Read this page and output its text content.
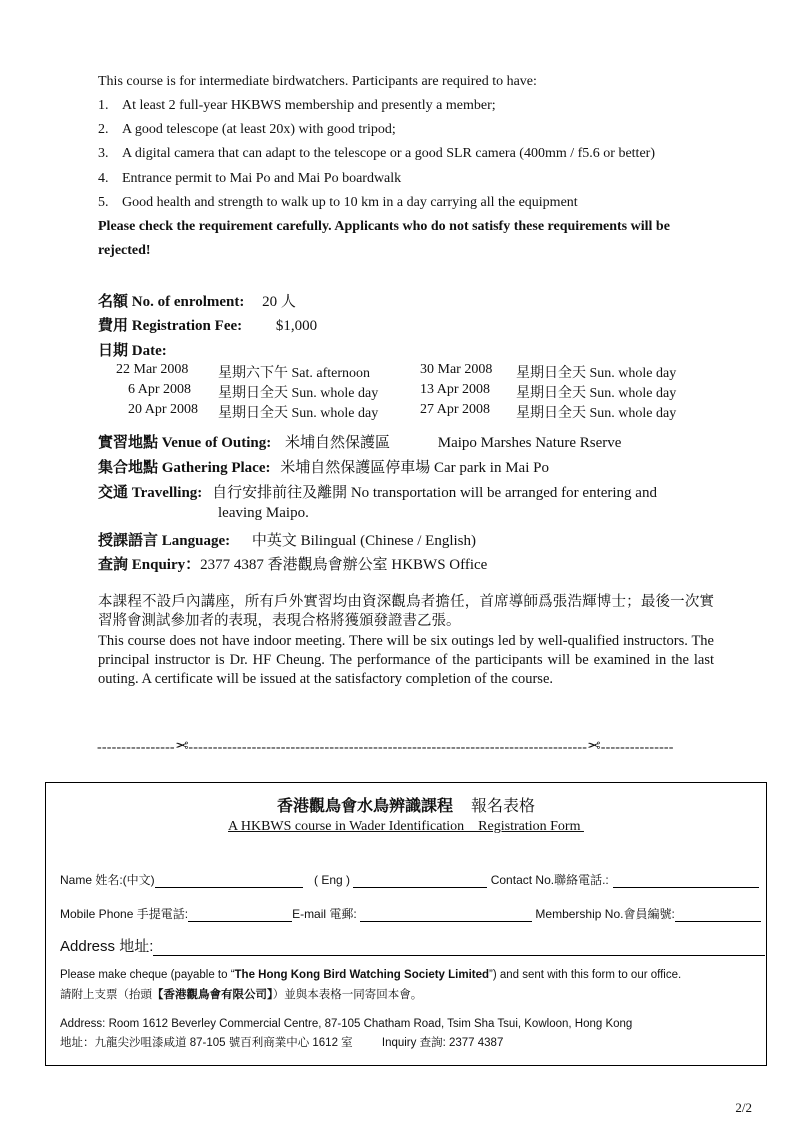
This course is for intermediate birdwatchers. Participants are required to have:
1. At least 2 full-year HKBWS membership and presently a member;
2. A good telescope (at least 20x) with good tripod;
3. A digital camera that can adapt to the telescope or a good SLR camera (400mm / f5.6 or better)
4. Entrance permit to Mai Po and Mai Po boardwalk
5. Good health and strength to walk up to 10 km in a day carrying all the equipment
Please check the requirement carefully. Applicants who do not satisfy these requirements will be
rejected!
名額 No. of enrolment: 20 人
費用 Registration Fee: $1,000
日期 Date:
22 Mar 2008 星期六下午 Sat. afternoon	30 Mar 2008 星期日全天 Sun. whole day
6 Apr 2008 星期日全天 Sun. whole day	13 Apr 2008 星期日全天 Sun. whole day
20 Apr 2008 星期日全天 Sun. whole day	27 Apr 2008 星期日全天 Sun. whole day
實習地點 Venue of Outing: 米埔自然保護區	Maipo Marshes Nature Rserve
集合地點 Gathering Place: 米埔自然保護區停車場 Car park in Mai Po
交通 Travelling: 自行安排前往及離開 No transportation will be arranged for entering and
leaving Maipo.
授課語言 Language: 中英文 Bilingual (Chinese / English)
查詢 Enquiry：2377 4387 香港觀鳥會辦公室 HKBWS Office
本課程不設戶內講座，所有戶外實習均由資深觀鳥者擔任，首席導師爲張浩輝博士；最後一次實習將會測試參加者的表現，表現合格將獲頒發證書乙張。
This course does not have indoor meeting. There will be six outings led by well-qualified instructors. The principal instructor is Dr. HF Cheung. The performance of the participants will be examined in the last outing. A certificate will be issued at the satisfactory completion of the course.
----------------✂----------------------------------------------------------------------------------✂---------------
香港觀鳥會水鳥辨識課程 報名表格
A HKBWS course in Wader Identification    Registration Form
Name 姓名:(中文)	( Eng )	Contact No.聯絡電話.:
Mobile Phone 手提電話:	E-mail 電郵:	Membership No.會員編號:
Address 地址:
Please make cheque (payable to “The Hong Kong Bird Watching Society Limited”) and sent with this form to our office.
請附上支票（抬頭【香港觀鳥會有限公司】）並與本表格一同寄回本會。
Address: Room 1612 Beverley Commercial Centre, 87-105 Chatham Road, Tsim Sha Tsui, Kowloon, Hong Kong
地址：九龍尖沙咀漆咸道 87-105 號百利商業中心 1612 室	Inquiry 查詢: 2377 4387
2/2
